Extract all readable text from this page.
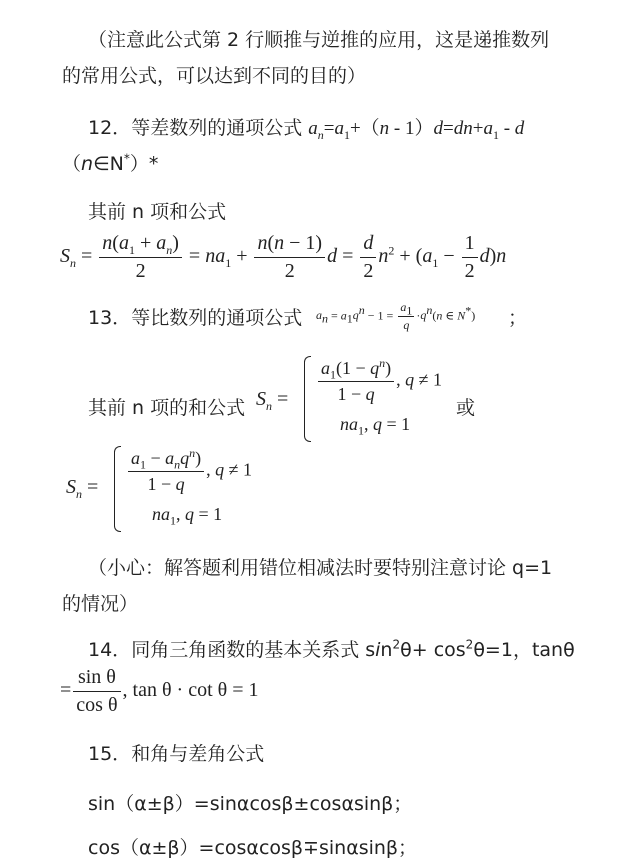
（注意此公式第 2 行顺推与逆推的应用，这是递推数列
的常用公式，可以达到不同的目的）
12．等差数列的通项公式 $a_n=a_1+(n - 1)d=dn+a_1 - d$
（n∈N*）*
其前 n 项和公式
$S_n = \frac{n(a_1 + a_n)}{2} = na_1 + \frac{n(n - 1)}{2}$ $d = \frac{d}{2} n^2 + (a_1 - \frac{1}{2} d)n$
13．等比数列的通项公式 $a_n = a_1q^n - 1 = \frac{a_1}{q} \cdot q^n(n$ ∈ N*) ；
其前 n 项的和公式 $S_n = \frac{a_1(1 - q^n)}{1 - q}$ , q ≠ 1
$na_1$, q = 1
或
$S_n = \frac{a_1 - a_nq^n)}{1 - q}$ , q ≠ 1
$na_1$, q = 1
（小心：解答题利用错位相减法时要特别注意讨论 q=1
的情况）
14．同角三角函数的基本关系式 $\sin^2\theta+ \cos^2\theta=1$，tanθ
= $\frac{\text{sin θ}}{\text{cos θ}}$ , tan θ · cot θ = 1
15．和角与差角公式
sin（α±β）=sinαcosβ±cosαsinβ；
cos（α±β）=cosαcosβ∓sinαsinβ；
